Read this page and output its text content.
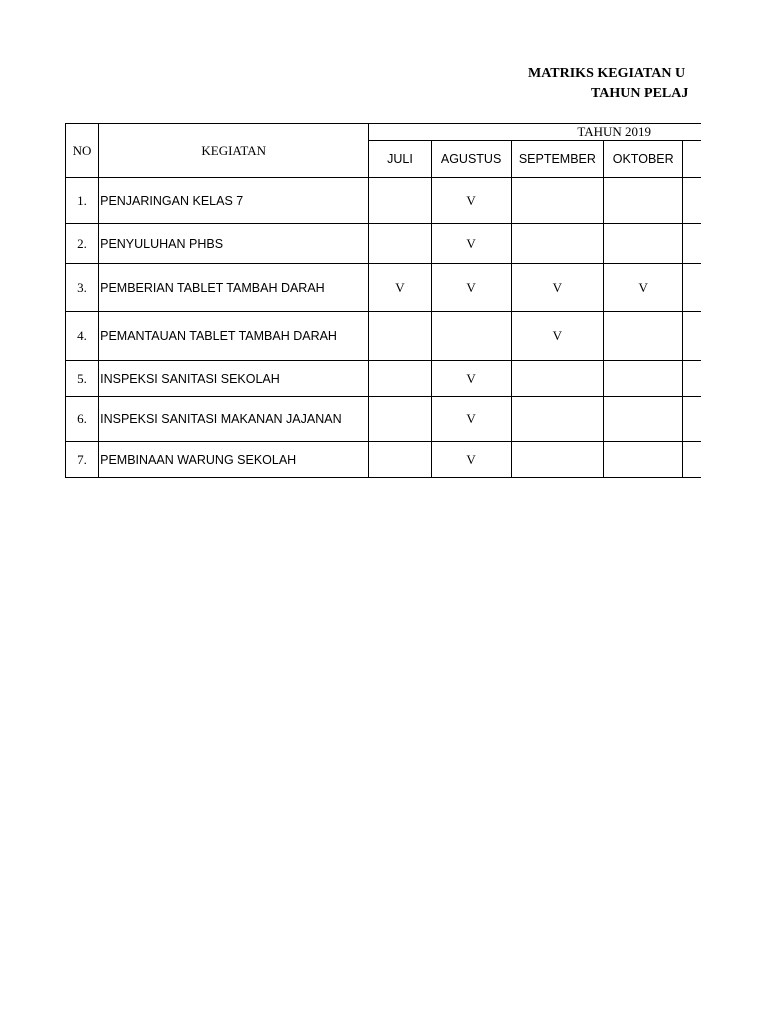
MATRIKS KEGIATAN U
TAHUN PELAJ
NO	KEGIATAN	TAHUN 2019				
		JULI	AGUSTUS	SEPTEMBER	OKTOBER	
1.	PENJARINGAN KELAS 7		V			
2.	PENYULUHAN PHBS		V			
3.	PEMBERIAN TABLET TAMBAH DARAH	V	V	V	V	
4.	PEMANTAUAN TABLET TAMBAH DARAH			V		
5.	INSPEKSI SANITASI SEKOLAH		V			
6.	INSPEKSI SANITASI MAKANAN JAJANAN		V			
7.	PEMBINAAN WARUNG SEKOLAH		V			
